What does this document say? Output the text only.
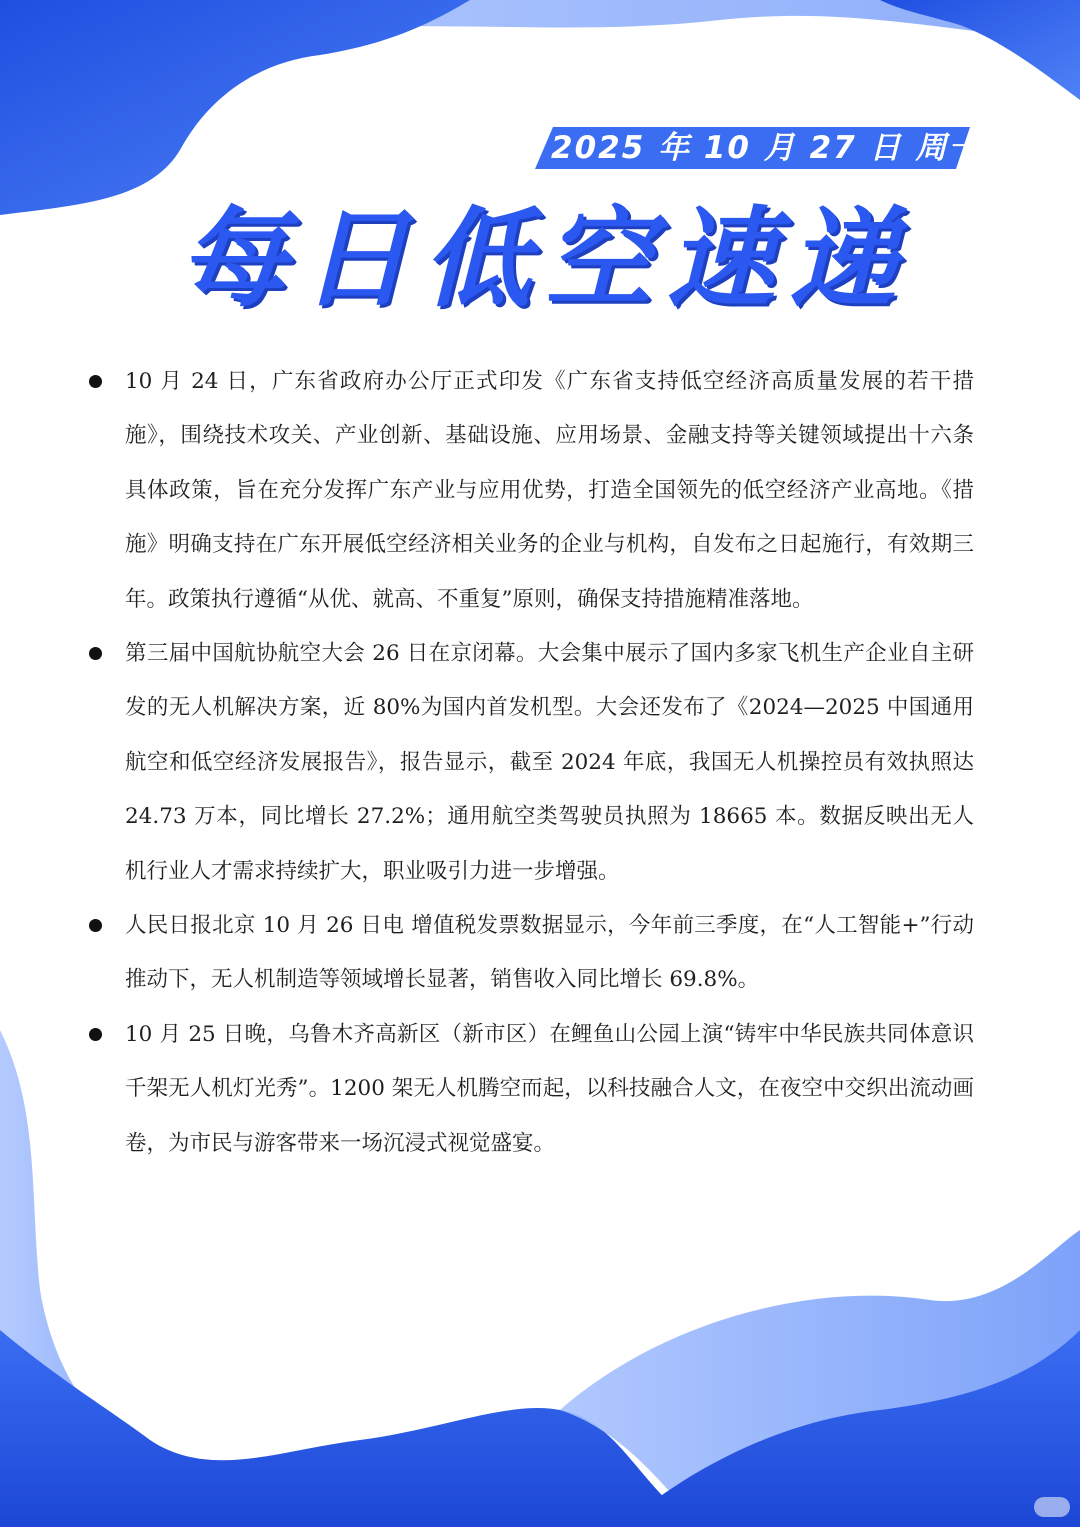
2025 年 10 月 27 日 周一
每日低空速递
10 月 24 日，广东省政府办公厅正式印发《广东省支持低空经济高质量发展的若干措施》，围绕技术攻关、产业创新、基础设施、应用场景、金融支持等关键领域提出十六条具体政策，旨在充分发挥广东产业与应用优势，打造全国领先的低空经济产业高地。《措施》明确支持在广东开展低空经济相关业务的企业与机构，自发布之日起施行，有效期三年。政策执行遵循“从优、就高、不重复”原则，确保支持措施精准落地。
第三届中国航协航空大会 26 日在京闭幕。大会集中展示了国内多家飞机生产企业自主研发的无人机解决方案，近 80%为国内首发机型。大会还发布了《2024—2025 中国通用航空和低空经济发展报告》，报告显示，截至 2024 年底，我国无人机操控员有效执照达 24.73 万本，同比增长 27.2%；通用航空类驾驶员执照为 18665 本。数据反映出无人机行业人才需求持续扩大，职业吸引力进一步增强。
人民日报北京 10 月 26 日电 增值税发票数据显示，今年前三季度，在“人工智能+”行动推动下，无人机制造等领域增长显著，销售收入同比增长 69.8%。
10 月 25 日晚，乌鲁木齐高新区（新市区）在鲤鱼山公园上演“铸牢中华民族共同体意识 千架无人机灯光秀”。1200 架无人机腾空而起，以科技融合人文，在夜空中交织出流动画卷，为市民与游客带来一场沉浸式视觉盛宴。
